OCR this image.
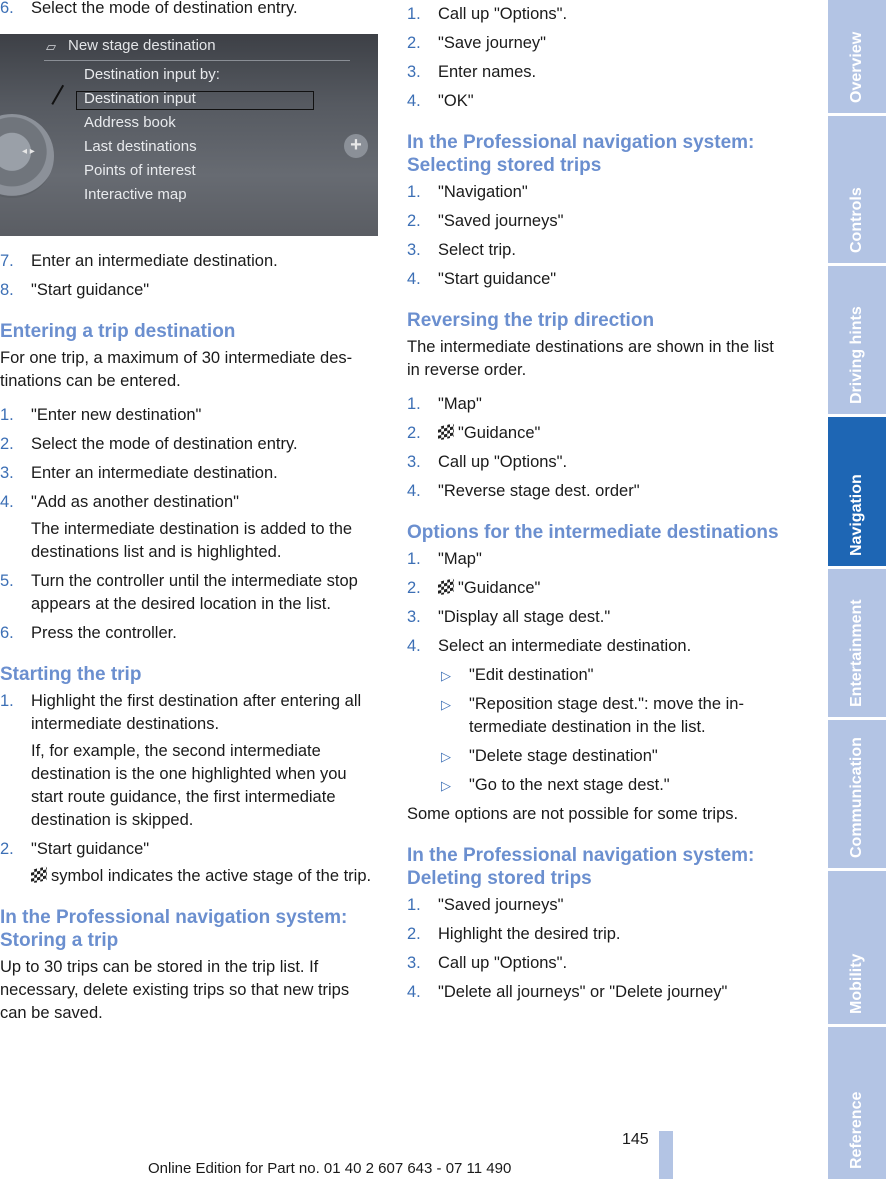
6. Select the mode of destination entry.
◂ ▸	+
▱ New stage destination
Destination input by:
Destination input
Address book
Last destinations
Points of interest
Interactive map
7. Enter an intermediate destination.
8. "Start guidance"
Entering a trip destination
For one trip, a maximum of 30 intermediate des-tinations can be entered.
1. "Enter new destination"
2. Select the mode of destination entry.
3. Enter an intermediate destination.
4. "Add as another destination"
The intermediate destination is added to the destinations list and is highlighted.
5. Turn the controller until the intermediate stop appears at the desired location in the list.
6. Press the controller.
Starting the trip
1. Highlight the first destination after entering all intermediate destinations.
If, for example, the second intermediate destination is the one highlighted when you start route guidance, the first intermediate destination is skipped.
2. "Start guidance"
symbol indicates the active stage of the trip.
In the Professional navigation system: Storing a trip
Up to 30 trips can be stored in the trip list. If necessary, delete existing trips so that new trips can be saved.
1. Call up "Options".
2. "Save journey"
3. Enter names.
4. "OK"
In the Professional navigation system: Selecting stored trips
1. "Navigation"
2. "Saved journeys"
3. Select trip.
4. "Start guidance"
Reversing the trip direction
The intermediate destinations are shown in the list in reverse order.
1. "Map"
2. "Guidance"
3. Call up "Options".
4. "Reverse stage dest. order"
Options for the intermediate destinations
1. "Map"
2. "Guidance"
3. "Display all stage dest."
4. Select an intermediate destination.
▷ "Edit destination"
▷ "Reposition stage dest.": move the in-termediate destination in the list.
▷ "Delete stage destination"
▷ "Go to the next stage dest."
Some options are not possible for some trips.
In the Professional navigation system: Deleting stored trips
1. "Saved journeys"
2. Highlight the desired trip.
3. Call up "Options".
4. "Delete all journeys" or "Delete journey"
Overview
Controls
Driving hints
Navigation
Entertainment
Communication
Mobility
Reference
145
Online Edition for Part no. 01 40 2 607 643 - 07 11 490
